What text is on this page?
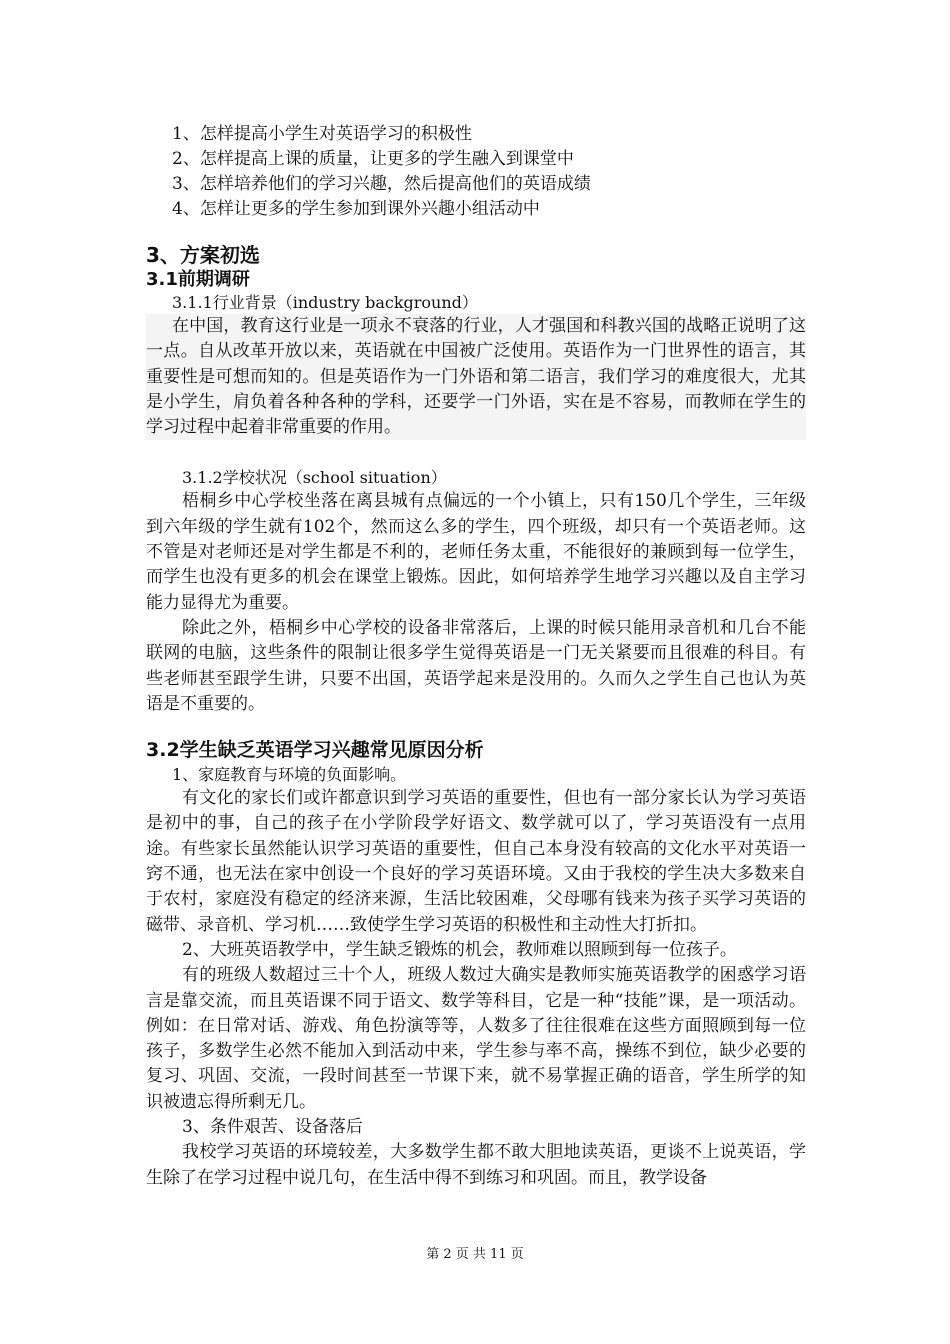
1、怎样提高小学生对英语学习的积极性

2、怎样提高上课的质量，让更多的学生融入到课堂中

3、怎样培养他们的学习兴趣，然后提高他们的英语成绩

4、怎样让更多的学生参加到课外兴趣小组活动中

3、方案初选

3.1前期调研

3.1.1行业背景（industry background）

在中国，教育这行业是一项永不衰落的行业，人才强国和科教兴国的战略正说明了这一点。自从改革开放以来，英语就在中国被广泛使用。英语作为一门世界性的语言，其重要性是可想而知的。但是英语作为一门外语和第二语言，我们学习的难度很大，尤其是小学生，肩负着各种各种的学科，还要学一门外语，实在是不容易，而教师在学生的学习过程中起着非常重要的作用。

3.1.2学校状况（school situation）

梧桐乡中心学校坐落在离县城有点偏远的一个小镇上，只有150几个学生，三年级到六年级的学生就有102个，然而这么多的学生，四个班级，却只有一个英语老师。这不管是对老师还是对学生都是不利的，老师任务太重，不能很好的兼顾到每一位学生，而学生也没有更多的机会在课堂上锻炼。因此，如何培养学生地学习兴趣以及自主学习能力显得尤为重要。

除此之外，梧桐乡中心学校的设备非常落后，上课的时候只能用录音机和几台不能联网的电脑，这些条件的限制让很多学生觉得英语是一门无关紧要而且很难的科目。有些老师甚至跟学生讲，只要不出国，英语学起来是没用的。久而久之学生自己也认为英语是不重要的。

3.2学生缺乏英语学习兴趣常见原因分析

1、家庭教育与环境的负面影响。

有文化的家长们或许都意识到学习英语的重要性，但也有一部分家长认为学习英语是初中的事，自己的孩子在小学阶段学好语文、数学就可以了，学习英语没有一点用途。有些家长虽然能认识学习英语的重要性，但自己本身没有较高的文化水平对英语一窍不通，也无法在家中创设一个良好的学习英语环境。又由于我校的学生决大多数来自于农村，家庭没有稳定的经济来源，生活比较困难，父母哪有钱来为孩子买学习英语的磁带、录音机、学习机……致使学生学习英语的积极性和主动性大打折扣。

2、大班英语教学中，学生缺乏锻炼的机会，教师难以照顾到每一位孩子。

有的班级人数超过三十个人，班级人数过大确实是教师实施英语教学的困惑学习语言是靠交流，而且英语课不同于语文、数学等科目，它是一种“技能”课，是一项活动。例如：在日常对话、游戏、角色扮演等等，人数多了往往很难在这些方面照顾到每一位孩子，多数学生必然不能加入到活动中来，学生参与率不高，操练不到位，缺少必要的复习、巩固、交流，一段时间甚至一节课下来，就不易掌握正确的语音，学生所学的知识被遗忘得所剩无几。

3、条件艰苦、设备落后

我校学习英语的环境较差，大多数学生都不敢大胆地读英语，更谈不上说英语，学生除了在学习过程中说几句，在生活中得不到练习和巩固。而且，教学设备

第 2 页 共 11 页
